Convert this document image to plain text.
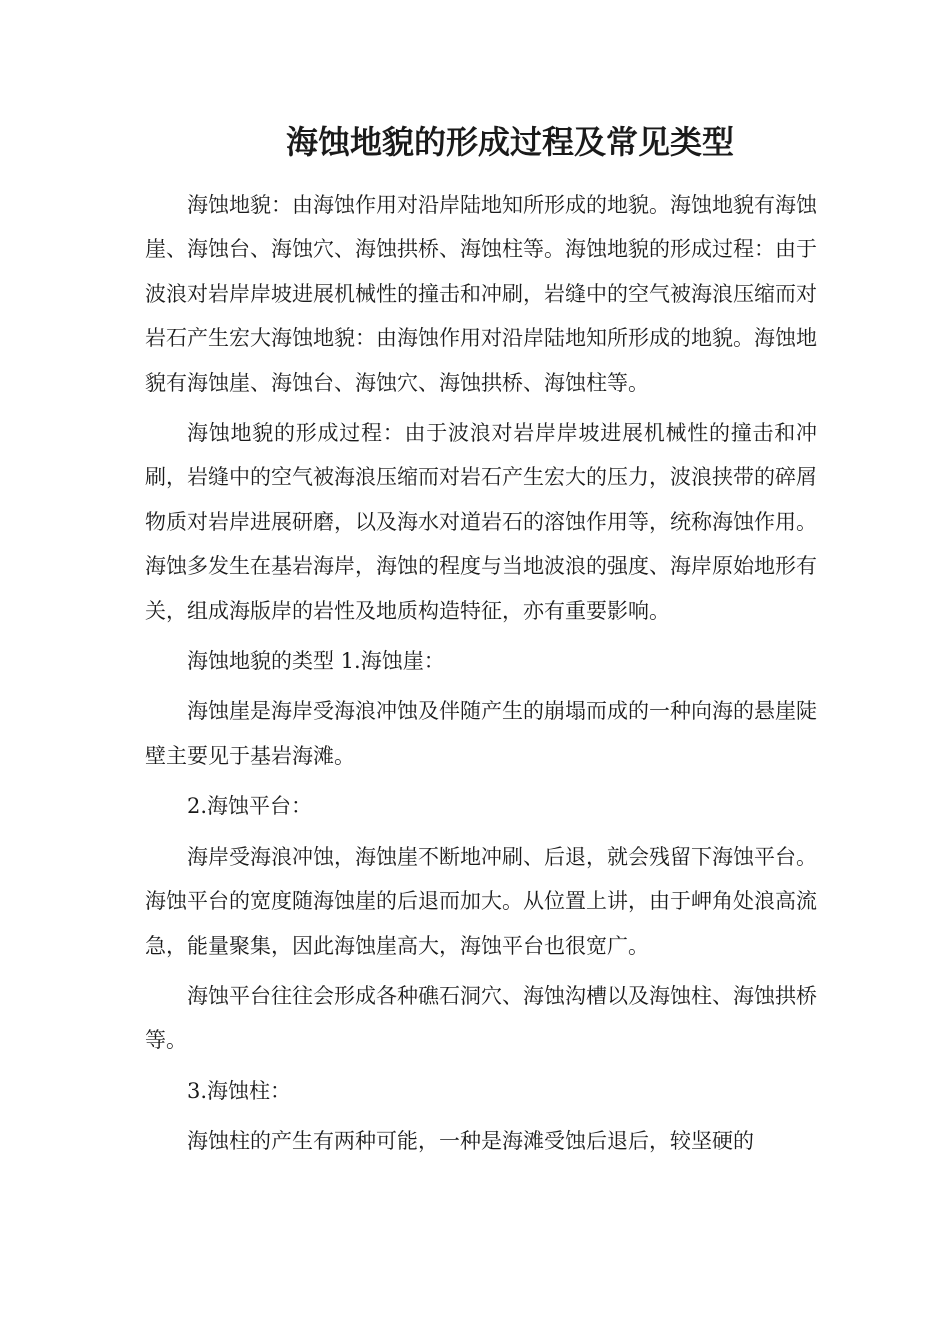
海蚀地貌的形成过程及常见类型

海蚀地貌：由海蚀作用对沿岸陆地知所形成的地貌。海蚀地貌有海蚀崖、海蚀台、海蚀穴、海蚀拱桥、海蚀柱等。海蚀地貌的形成过程：由于波浪对岩岸岸坡进展机械性的撞击和冲刷，岩缝中的空气被海浪压缩而对岩石产生宏大海蚀地貌：由海蚀作用对沿岸陆地知所形成的地貌。海蚀地貌有海蚀崖、海蚀台、海蚀穴、海蚀拱桥、海蚀柱等。

海蚀地貌的形成过程：由于波浪对岩岸岸坡进展机械性的撞击和冲刷，岩缝中的空气被海浪压缩而对岩石产生宏大的压力，波浪挟带的碎屑物质对岩岸进展研磨，以及海水对道岩石的溶蚀作用等，统称海蚀作用。海蚀多发生在基岩海岸，海蚀的程度与当地波浪的强度、海岸原始地形有关，组成海版岸的岩性及地质构造特征，亦有重要影响。

海蚀地貌的类型 1.海蚀崖：

海蚀崖是海岸受海浪冲蚀及伴随产生的崩塌而成的一种向海的悬崖陡壁主要见于基岩海滩。

2.海蚀平台：

海岸受海浪冲蚀，海蚀崖不断地冲刷、后退，就会残留下海蚀平台。海蚀平台的宽度随海蚀崖的后退而加大。从位置上讲，由于岬角处浪高流急，能量聚集，因此海蚀崖高大，海蚀平台也很宽广。

海蚀平台往往会形成各种礁石洞穴、海蚀沟槽以及海蚀柱、海蚀拱桥等。

3.海蚀柱：

海蚀柱的产生有两种可能，一种是海滩受蚀后退后，较坚硬的
